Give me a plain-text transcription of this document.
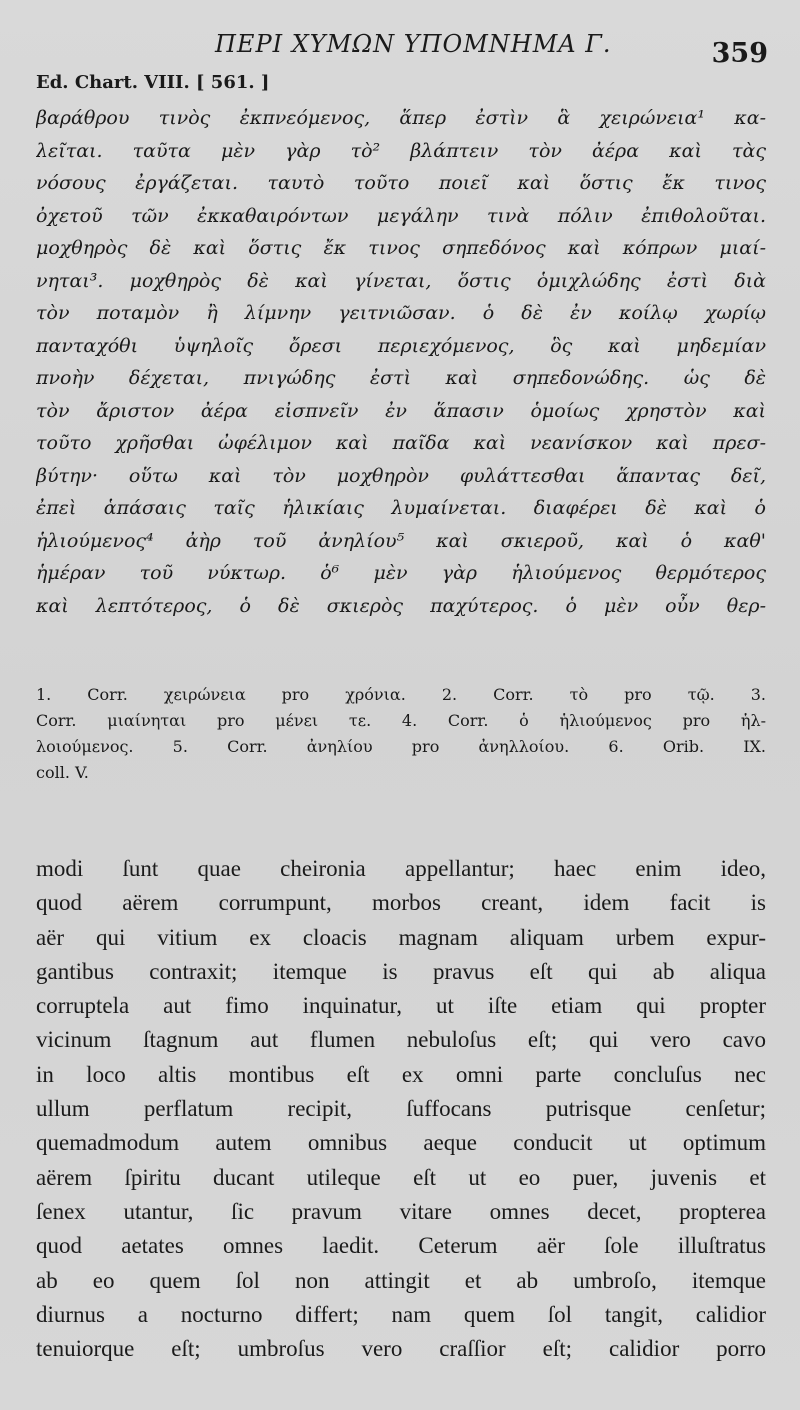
ΠΕΡΙ ΧΥΜΩΝ ΥΠΟΜΝΗΜΑ Γ.	359
Ed. Chart. VIII. [ 561. ]
βαράθρου τινὸς ἐκπνεόμενος, ἅπερ ἐστὶν ἃ χειρώνεια¹ κα-
λεῖται. ταῦτα μὲν γὰρ τὸ² βλάπτειν τὸν ἀέρα καὶ τὰς
νόσους ἐργάζεται. ταυτὸ τοῦτο ποιεῖ καὶ ὅστις ἔκ τινος
ὀχετοῦ τῶν ἐκκαθαιρόντων μεγάλην τινὰ πόλιν ἐπιθολοῦται.
μοχθηρὸς δὲ καὶ ὅστις ἔκ τινος σηπεδόνος καὶ κόπρων μιαί-
νηται³. μοχθηρὸς δὲ καὶ γίνεται, ὅστις ὁμιχλώδης ἐστὶ διὰ
τὸν ποταμὸν ἢ λίμνην γειτνιῶσαν. ὁ δὲ ἐν κοίλῳ χωρίῳ
πανταχόθι ὑψηλοῖς ὄρεσι περιεχόμενος, ὃς καὶ μηδεμίαν
πνοὴν δέχεται, πνιγώδης ἐστὶ καὶ σηπεδονώδης. ὡς δὲ
τὸν ἄριστον ἀέρα εἰσπνεῖν ἐν ἅπασιν ὁμοίως χρηστὸν καὶ
τοῦτο χρῆσθαι ὠφέλιμον καὶ παῖδα καὶ νεανίσκον καὶ πρεσ-
βύτην· οὕτω καὶ τὸν μοχθηρὸν φυλάττεσθαι ἅπαντας δεῖ,
ἐπεὶ ἁπάσαις ταῖς ἡλικίαις λυμαίνεται. διαφέρει δὲ καὶ ὁ
ἡλιούμενος⁴ ἀὴρ τοῦ ἀνηλίου⁵ καὶ σκιεροῦ, καὶ ὁ καθ'
ἡμέραν τοῦ νύκτωρ. ὁ⁶ μὲν γὰρ ἡλιούμενος θερμότερος
καὶ λεπτότερος, ὁ δὲ σκιερὸς παχύτερος. ὁ μὲν οὖν θερ-
1. Corr. χειρώνεια pro χρόνια. 2. Corr. τὸ pro τῷ. 3.
Corr. μιαίνηται pro μένει τε. 4. Corr. ὁ ἡλιούμενος pro ἡλ-
λοιούμενος. 5. Corr. ἀνηλίου pro ἀνηλλοίου. 6. Orib. IX.
coll. V.
modi ſunt quae cheironia appellantur; haec enim ideo,
quod aërem corrumpunt, morbos creant, idem facit is
aër qui vitium ex cloacis magnam aliquam urbem expur-
gantibus contraxit; itemque is pravus eſt qui ab aliqua
corruptela aut fimo inquinatur, ut iſte etiam qui propter
vicinum ſtagnum aut flumen nebuloſus eſt; qui vero cavo
in loco altis montibus eſt ex omni parte concluſus nec
ullum perflatum recipit, ſuffocans putrisque cenſetur;
quemadmodum autem omnibus aeque conducit ut optimum
aërem ſpiritu ducant utileque eſt ut eo puer, juvenis et
ſenex utantur, ſic pravum vitare omnes decet, propterea
quod aetates omnes laedit. Ceterum aër ſole illuſtratus
ab eo quem ſol non attingit et ab umbroſo, itemque
diurnus a nocturno differt; nam quem ſol tangit, calidior
tenuiorque eſt; umbroſus vero craſſior eſt; calidior porro
